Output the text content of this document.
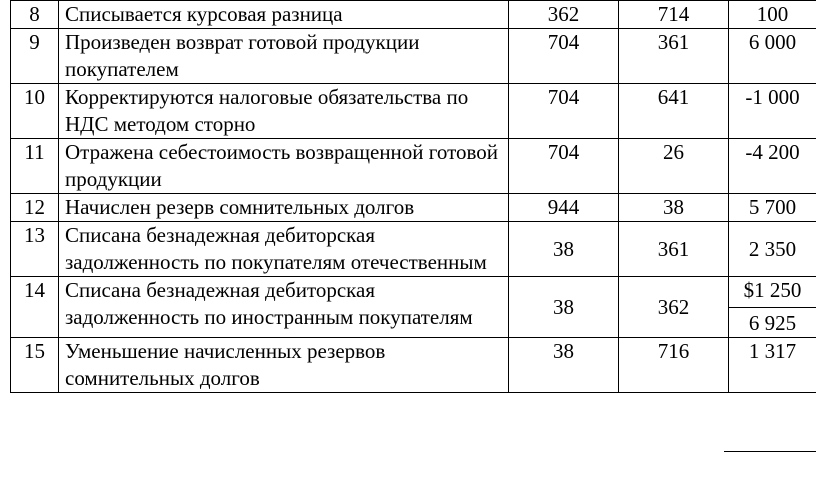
8	Списывается курсовая разница	362	714	100
9	Произведен возврат готовой продукции покупателем	704	361	6 000
10	Корректируются налоговые обязательства по НДС методом сторно	704	641	-1 000
11	Отражена себестоимость возвращенной готовой продукции	704	26	-4 200
12	Начислен резерв сомнительных долгов	944	38	5 700
13	Списана безнадежная дебиторская задолженность по покупателям отечественным	38	361	2 350
14	Списана безнадежная дебиторская задолженность по иностранным покупателям	38	362	$1 250
6 925

15	Уменьшение начисленных резервов сомнительных долгов	38	716	1 317
